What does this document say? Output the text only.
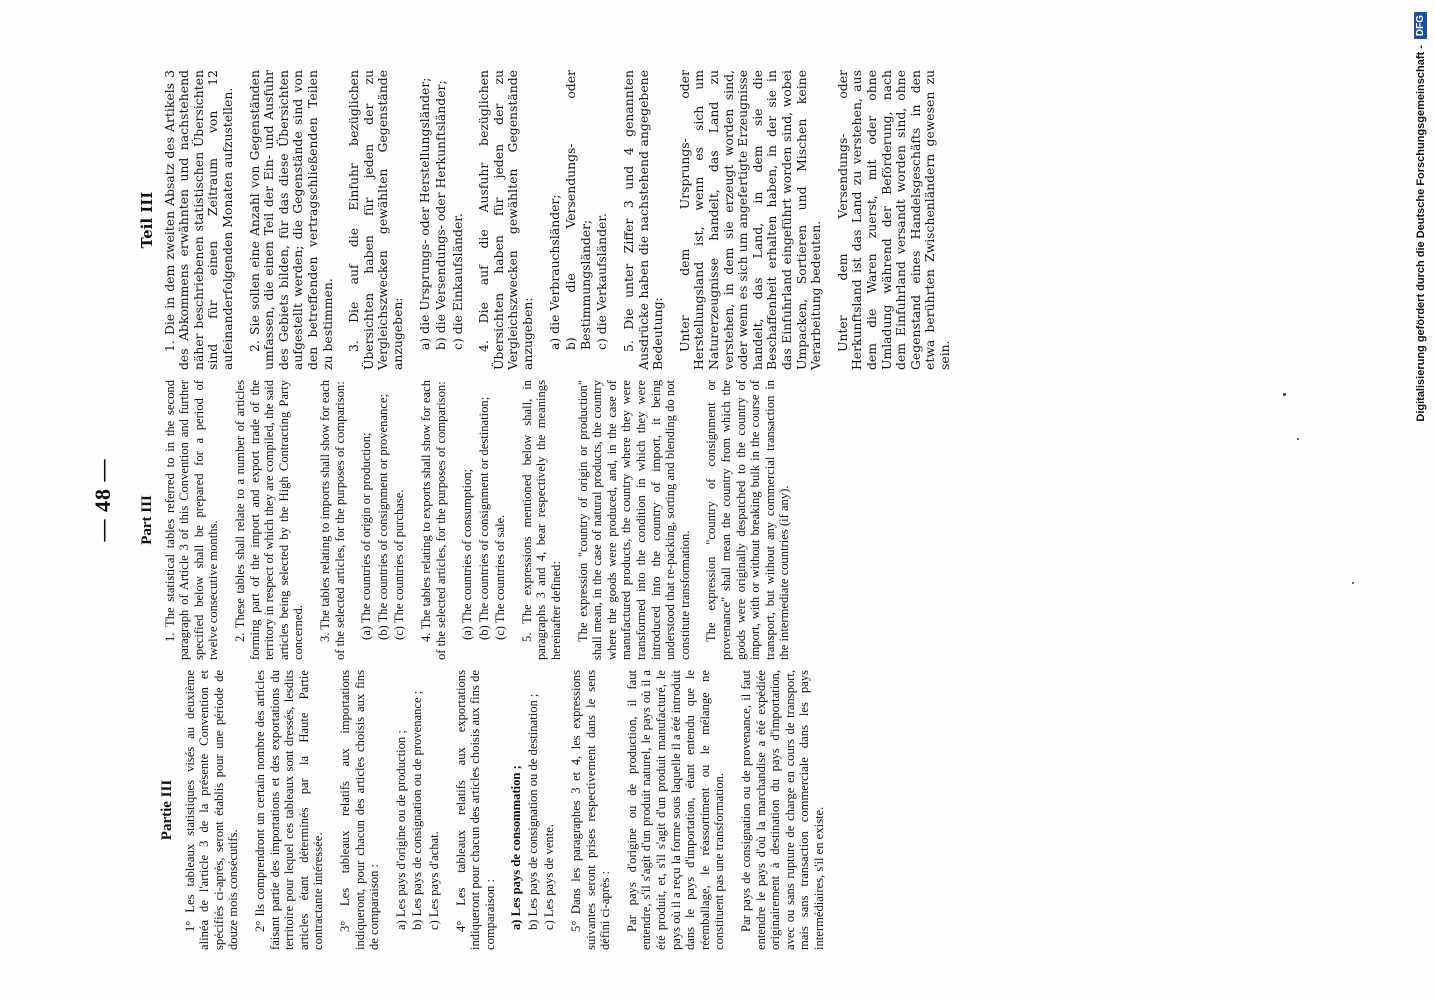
— 48 —
Partie III 1° Les tableaux statistiques visés au deuxième alinéa de l'article 3 de la présente Convention et spécifiés ci-après, seront établis pour une période de douze mois consécutifs. 2° Ils comprendront un certain nombre des articles faisant partie des importations et des exportations du territoire pour lequel ces tableaux sont dressés, lesdits articles étant déterminés par la Haute Partie contractante intéressée. 3° Les tableaux relatifs aux importations indiqueront, pour chacun des articles choisis aux fins de comparaison : a) Les pays d'origine ou de production ; b) Les pays de consignation ou de provenance ; c) Les pays d'achat. 4° Les tableaux relatifs aux exportations indiqueront pour chacun des articles choisis aux fins de comparaison : a) Les pays de consommation ; b) Les pays de consignation ou de destination ; c) Les pays de vente. 5° Dans les paragraphes 3 et 4, les expressions suivantes seront prises respectivement dans le sens défini ci-après : Par pays d'origine ou de production, il faut entendre, s'il s'agit d'un produit naturel, le pays où il a été produit, et, s'il s'agit d'un produit manufacturé, le pays où il a reçu la forme sous laquelle il a été introduit dans le pays d'importation, étant entendu que le réemballage, le réassortiment ou le mélange ne constituent pas une transformation. Par pays de consignation ou de provenance, il faut entendre le pays d'où la marchandise a été expédiée originairement à destination du pays d'importation, avec ou sans rupture de charge en cours de transport, mais sans transaction commerciale dans les pays intermédiaires, s'il en existe.

Part III 1. The statistical tables referred to in the second paragraph of Article 3 of this Convention and further specified below shall be prepared for a period of twelve consecutive months. 2. These tables shall relate to a number of articles forming part of the import and export trade of the territory in respect of which they are compiled, the said articles being selected by the High Contracting Party concerned. 3. The tables relating to imports shall show for each of the selected articles, for the purposes of comparison: (a) The countries of origin or production; (b) The countries of consignment or provenance; (c) The countries of purchase. 4. The tables relating to exports shall show for each of the selected articles, for the purposes of comparison: (a) The countries of consumption; (b) The countries of consignment or destination; (c) The countries of sale. 5. The expressions mentioned below shall, in paragraphs 3 and 4, bear respectively the meanings hereinafter defined: The expression "country of origin or production" shall mean, in the case of natural products, the country where the goods were produced, and, in the case of manufactured products, the country where they were transformed into the condition in which they were introduced into the country of import, it being understood that re-packing, sorting and blending do not constitute transformation. The expression "country of consignment or provenance" shall mean the country from which the goods were originally despatched to the country of import, with or without breaking bulk in the course of transport, but without any commercial transaction in the intermediate countries (if any).

Teil III 1. Die in dem zweiten Absatz des Artikels 3 des Abkommens erwähnten und nachstehend näher beschriebenen statistischen Übersichten sind für einen Zeitraum von 12 aufeinanderfolgenden Monaten aufzustellen. 2. Sie sollen eine Anzahl von Gegenständen umfassen, die einen Teil der Ein- und Ausfuhr des Gebiets bilden, für das diese Übersichten aufgestellt werden; die Gegenstände sind von den betreffenden vertragschließenden Teilen zu bestimmen. 3. Die auf die Einfuhr bezüglichen Übersichten haben für jeden der zu Vergleichszwecken gewählten Gegenstände anzugeben: a) die Ursprungs- oder Herstellungsländer; b) die Versendungs- oder Herkunftsländer; c) die Einkaufsländer. 4. Die auf die Ausfuhr bezüglichen Übersichten haben für jeden der zu Vergleichszwecken gewählten Gegenstände anzugeben: a) die Verbrauchsländer; b) die Versendungs- oder Bestimmungsländer; c) die Verkaufsländer. 5. Die unter Ziffer 3 und 4 genannten Ausdrücke haben die nachstehend angegebene Bedeutung: Unter dem Ursprungs- oder Herstellungsland ist, wenn es sich um Naturerzeugnisse handelt, das Land zu verstehen, in dem sie erzeugt worden sind, oder wenn es sich um angefertigte Erzeugnisse handelt, das Land, in dem sie die Beschaffenheit erhalten haben, in der sie in das Einfuhrland eingeführt worden sind, wobei Umpacken, Sortieren und Mischen keine Verarbeitung bedeuten. Unter dem Versendungs- oder Herkunftsland ist das Land zu verstehen, aus dem die Waren zuerst, mit oder ohne Umladung während der Beförderung, nach dem Einfuhrland versandt worden sind, ohne Gegenstand eines Handelsgeschäfts in den etwa berührten Zwischenländern gewesen zu sein.	Digitalisierung gefördert durch die Deutsche Forschungsgemeinschaft -
DFG
